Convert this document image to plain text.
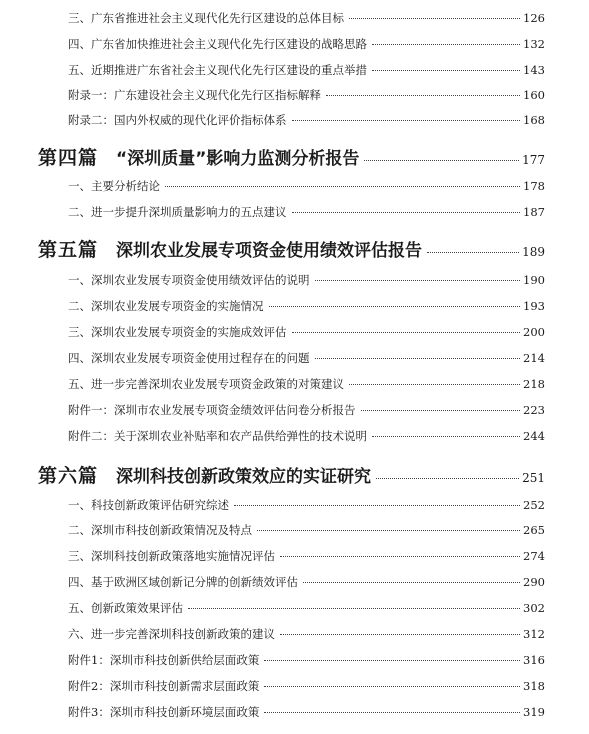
三、广东省推进社会主义现代化先行区建设的总体目标	126
四、广东省加快推进社会主义现代化先行区建设的战略思路	132
五、近期推进广东省社会主义现代化先行区建设的重点举措	143
附录一：广东建设社会主义现代化先行区指标解释	160
附录二：国内外权威的现代化评价指标体系	168
第四篇 “深圳质量”影响力监测分析报告	177
一、主要分析结论	178
二、进一步提升深圳质量影响力的五点建议	187
第五篇 深圳农业发展专项资金使用绩效评估报告	189
一、深圳农业发展专项资金使用绩效评估的说明	190
二、深圳农业发展专项资金的实施情况	193
三、深圳农业发展专项资金的实施成效评估	200
四、深圳农业发展专项资金使用过程存在的问题	214
五、进一步完善深圳农业发展专项资金政策的对策建议	218
附件一：深圳市农业发展专项资金绩效评估问卷分析报告	223
附件二：关于深圳农业补贴率和农产品供给弹性的技术说明	244
第六篇 深圳科技创新政策效应的实证研究	251
一、科技创新政策评估研究综述	252
二、深圳市科技创新政策情况及特点	265
三、深圳科技创新政策落地实施情况评估	274
四、基于欧洲区域创新记分牌的创新绩效评估	290
五、创新政策效果评估	302
六、进一步完善深圳科技创新政策的建议	312
附件1：深圳市科技创新供给层面政策	316
附件2：深圳市科技创新需求层面政策	318
附件3：深圳市科技创新环境层面政策	319
